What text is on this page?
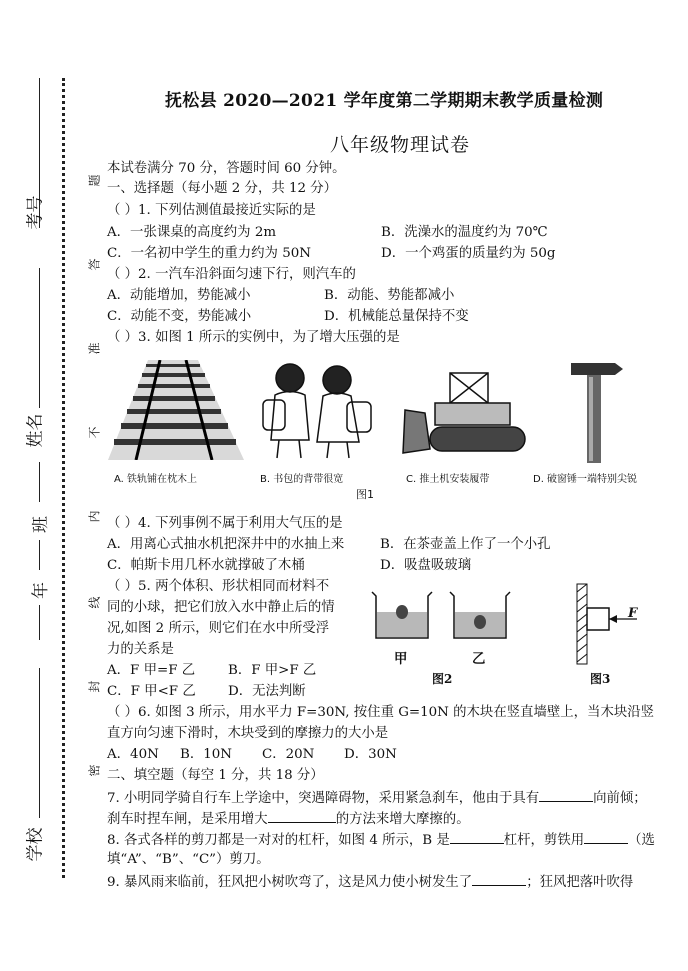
考号
姓名
班
年
学校
题
答
准
不
内
线
封
密
抚松县 2020—2021 学年度第二学期期末教学质量检测
八年级物理试卷
本试卷满分 70 分，答题时间 60 分钟。
一、选择题（每小题 2 分，共 12 分）
（ ）1. 下列估测值最接近实际的是
A．一张课桌的高度约为 2m	B．洗澡水的温度约为 70℃
C．一名初中学生的重力约为 50N	D．一个鸡蛋的质量约为 50g
（ ）2. 一汽车沿斜面匀速下行，则汽车的
A．动能增加，势能减小	B．动能、势能都减小
C．动能不变，势能减小	D．机械能总量保持不变
（ ）3. 如图 1 所示的实例中，为了增大压强的是
A. 铁轨铺在枕木上	B. 书包的背带很宽	C. 推土机安装履带	D. 破窗锤一端特别尖锐
图1
（ ）4. 下列事例不属于利用大气压的是
A．用离心式抽水机把深井中的水抽上来	B．在茶壶盖上作了一个小孔
C．帕斯卡用几杯水就撑破了木桶	D．吸盘吸玻璃
（ ）5. 两个体积、形状相同而材料不
同的小球，把它们放入水中静止后的情
况,如图 2 所示，则它们在水中所受浮
力的关系是
A．F 甲=F 乙 B．F 甲>F 乙
C．F 甲<F 乙 D．无法判断
甲	乙
图2
F
图3
（ ）6. 如图 3 所示，用水平力 F=30N, 按住重 G=10N 的木块在竖直墙壁上，当木块沿竖
直方向匀速下滑时，木块受到的摩擦力的大小是
A．40N B．10N C．20N D．30N
二、填空题（每空 1 分，共 18 分）
7. 小明同学骑自行车上学途中，突遇障碍物，采用紧急刹车，他由于具有	向前倾；
刹车时捏车闸，是采用增大	的方法来增大摩擦的。
8. 各式各样的剪刀都是一对对的杠杆，如图 4 所示，B 是	杠杆，剪铁用	（选
填“A”、“B”、“C”）剪刀。
9. 暴风雨来临前，狂风把小树吹弯了，这是风力使小树发生了	；狂风把落叶吹得
